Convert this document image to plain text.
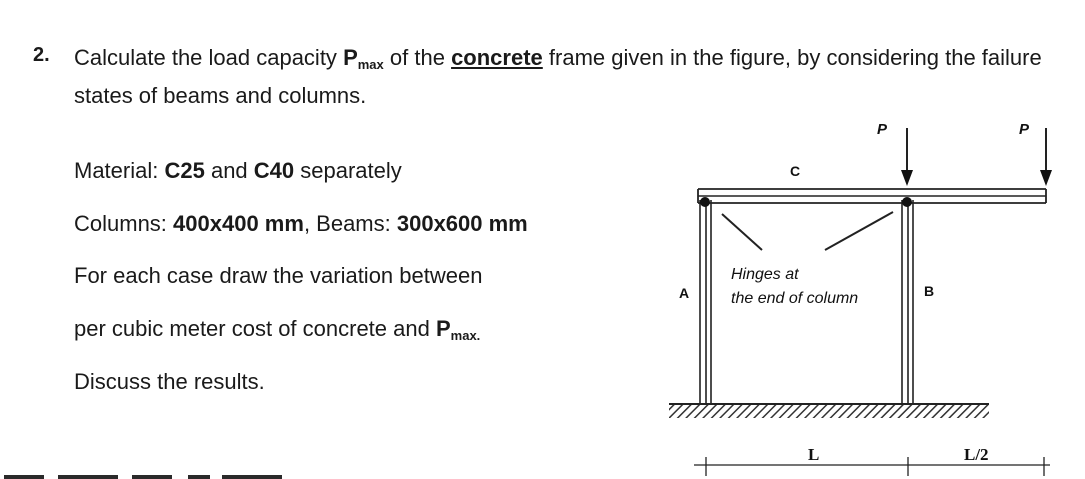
2. Calculate the load capacity $P_{max}$ of the concrete frame given in the figure, by considering the failure states of beams and columns.
Material: C25 and C40 separately
Columns: 400x400 mm, Beams: 300x600 mm
For each case draw the variation between
per cubic meter cost of concrete and $P_{max.}$
Discuss the results.
P	P
C
A	B
Hinges at
the end of column
L	L/2
